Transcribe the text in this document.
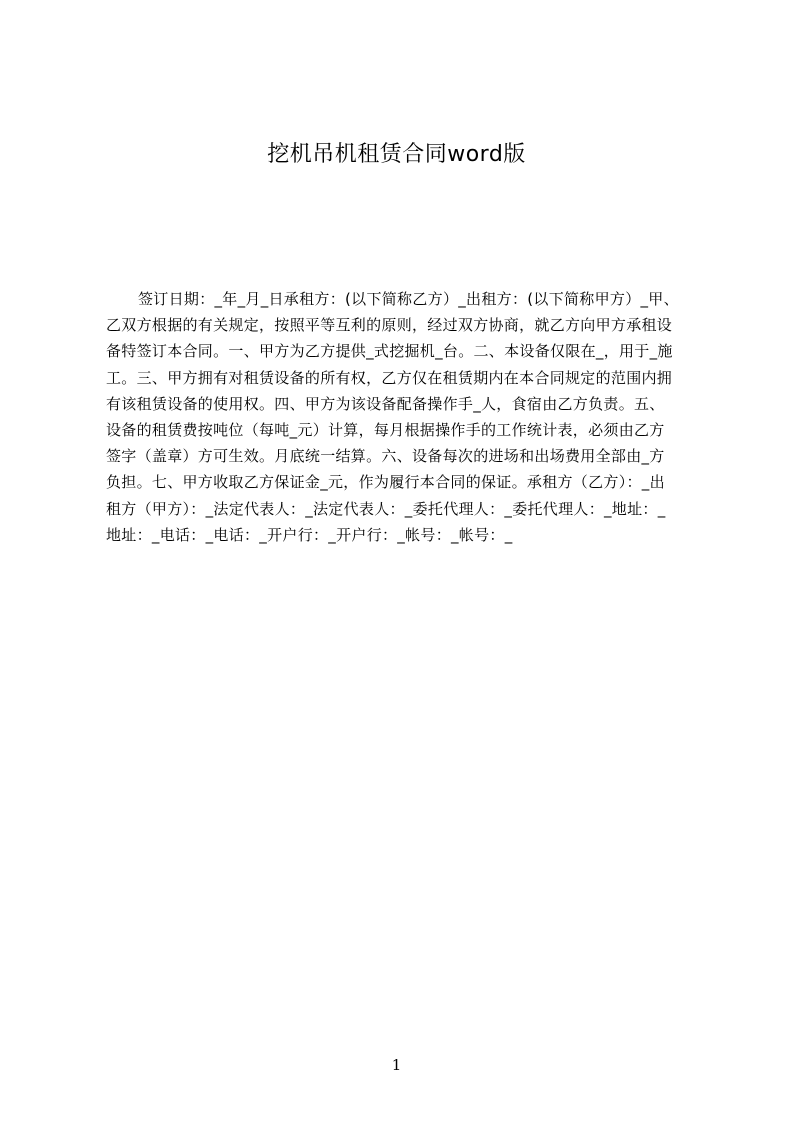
挖机吊机租赁合同word版
签订日期：_年_月_日承租方：(以下简称乙方）_出租方：(以下简称甲方）_甲、
乙双方根据的有关规定，按照平等互利的原则，经过双方协商，就乙方向甲方承租设
备特签订本合同。一、甲方为乙方提供_式挖掘机_台。二、本设备仅限在_，用于_施
工。三、甲方拥有对租赁设备的所有权，乙方仅在租赁期内在本合同规定的范围内拥
有该租赁设备的使用权。四、甲方为该设备配备操作手_人，食宿由乙方负责。五、
设备的租赁费按吨位（每吨_元）计算，每月根据操作手的工作统计表，必须由乙方
签字（盖章）方可生效。月底统一结算。六、设备每次的进场和出场费用全部由_方
负担。七、甲方收取乙方保证金_元，作为履行本合同的保证。承租方（乙方）：_出
租方（甲方）：_法定代表人：_法定代表人：_委托代理人：_委托代理人：_地址：_
地址：_电话：_电话：_开户行：_开户行：_帐号：_帐号：_
1
